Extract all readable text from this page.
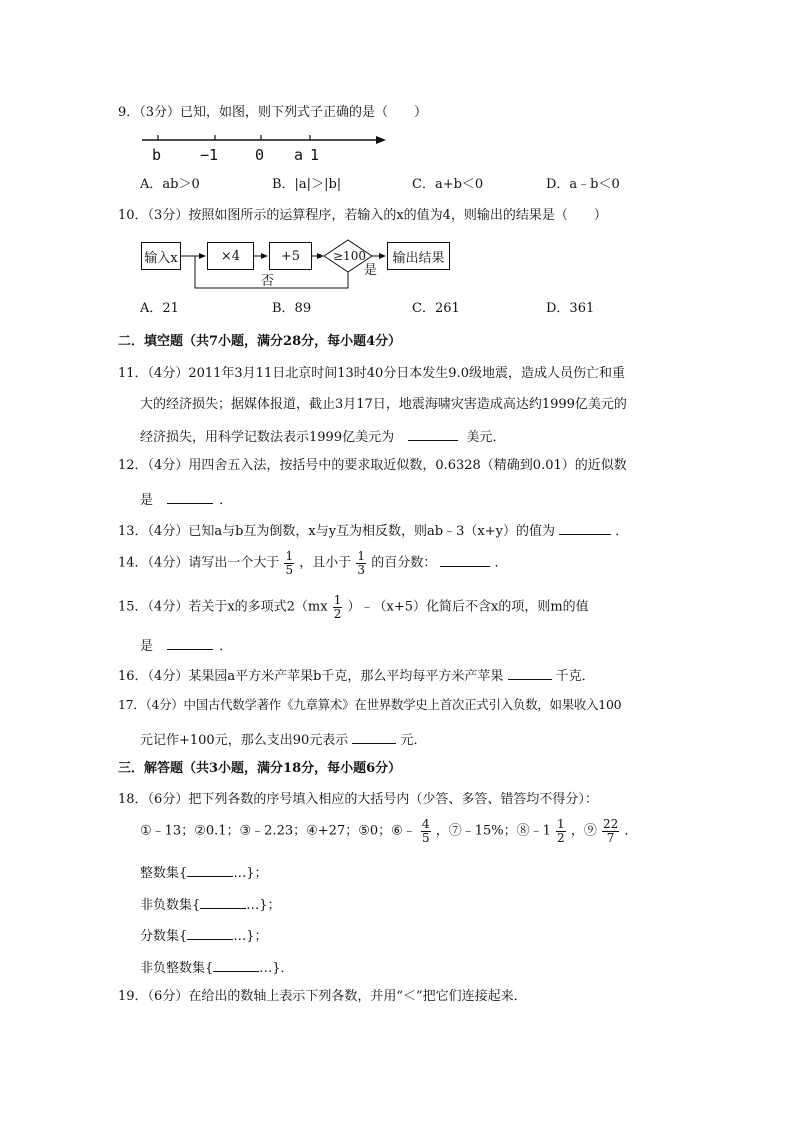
9．（3分）已知，如图，则下列式子正确的是（　　）
b	−1 0 a 1
A．ab＞0	B．|a|＞|b|	C．a+b＜0	D．a﹣b＜0
10．（3分）按照如图所示的运算程序，若输入的x的值为4，则输出的结果是（　　）
输入x	×4	+5	≥100 输出结果
否
是
A．21	B．89	C．261	D．361
二．填空题（共7小题，满分28分，每小题4分）
11．（4分）2011年3月11日北京时间13时40分日本发生9.0级地震，造成人员伤亡和重
大的经济损失；据媒体报道，截止3月17日，地震海啸灾害造成高达约1999亿美元的
经济损失，用科学记数法表示1999亿美元为	美元．
12．（4分）用四舍五入法，按括号中的要求取近似数，0.6328（精确到0.01）的近似数
是	．
13．（4分）已知a与b互为倒数，x与y互为相反数，则ab﹣3（x+y）的值为	．
14．（4分）请写出一个大于 $\frac{1}{5}$ ，且小于 $\frac{1}{3}$ 的百分数：	．
15．（4分）若关于x的多项式$2(mx \frac{1}{2}$ ）﹣（x+5）化简后不含x的项，则m的值
是	．
16．（4分）某果园a平方米产苹果b千克，那么平均每平方米产苹果	千克．
17．（4分）中国古代数学著作《九章算术》在世界数学史上首次正式引入负数，如果收入100
元记作+100元，那么支出90元表示	元．
三．解答题（共3小题，满分18分，每小题6分）
18．（6分）把下列各数的序号填入相应的大括号内（少答、多答、错答均不得分）：
①﹣13；②0.1；③﹣2.23；④+27；⑤0；⑥﹣ $\frac{4}{5}$ ，⑦﹣15%；⑧﹣1 $\frac{1}{2}$ ，⑨ $\frac{22}{7}$ ．
整数集{	…}；
非负数集{	…}；
分数集{	…}；
非负整数集{	…}．
19．（6分）在给出的数轴上表示下列各数，并用“＜”把它们连接起来．
